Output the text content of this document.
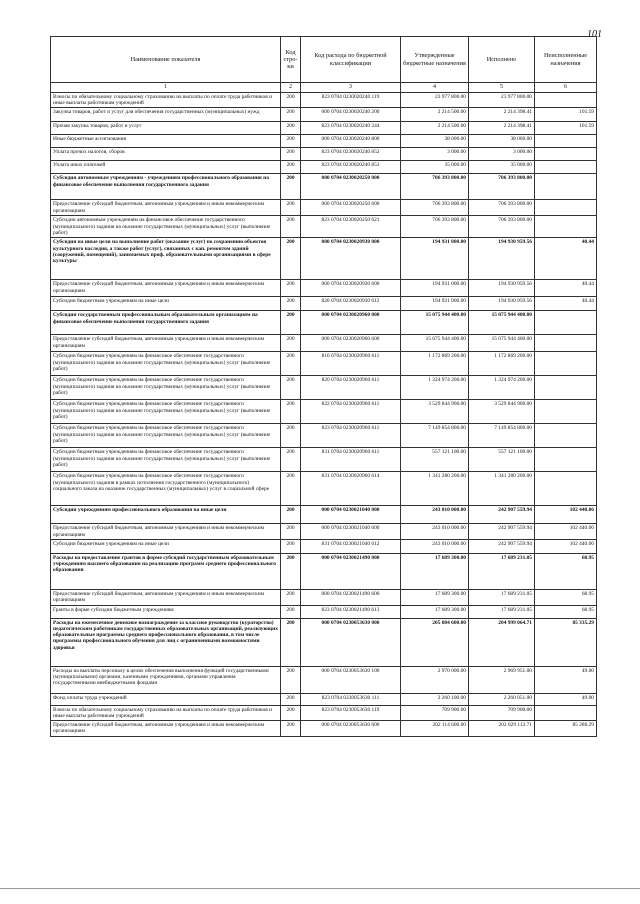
101
Наименование показателя	Код стро- ки	Код расхода по бюджетной классификации	Утвержденные бюджетные назначения	Исполнено	Неисполненные назначения
1	2	3	4	5	6
Взносы по обязательному социальному страхованию на выплаты по оплате труда работников и иные выплаты работникам учреждений	200	823 0704 0230020240 119	23 977 800.00	23 977 800.00	
Закупка товаров, работ и услуг для обеспечения государственных (муниципальных) нужд	200	000 0704 0230020240 200	2 214 500.00	2 214 398.41	101.59
Прочая закупка товаров, работ и услуг	200	823 0704 0230020240 244	2 214 500.00	2 214 398.41	101.59
Иные бюджетные ассигнования	200	000 0704 0230020240 800	38 000.00	38 000.00	
Уплата прочих налогов, сборов	200	823 0704 0230020240 852	3 000.00	3 000.00	
Уплата иных платежей	200	823 0704 0230020240 853	35 000.00	35 000.00	
Субсидия автономным учреждениям - учреждениям профессионального образования на финансовое обеспечение выполнения государственного задания	200	000 0704 0230020250 000	706 393 800.00	706 393 800.00	
Предоставление субсидий бюджетным, автономным учреждениям и иным некоммерческим организациям	200	000 0704 0230020250 600	706 393 800.00	706 393 800.00	
Субсидии автономным учреждениям на финансовое обеспечение государственного (муниципального) задания на оказание государственных (муниципальных) услуг (выполнение работ)	200	823 0704 0230020250 621	706 393 800.00	706 393 800.00	
Субсидия на иные цели на выполнение работ (оказание услуг) по сохранению объектов культурного наследия, а также работ (услуг), связанных с кап. ремонтом зданий (сооружений, помещений), занимаемых проф. образовательными организациями в сфере культуры	200	000 0704 0230020930 000	194 931 000.00	194 930 959.56	40.44
Предоставление субсидий бюджетным, автономным учреждениям и иным некоммерческим организациям	200	000 0704 0230020930 600	194 931 000.00	194 930 959.56	40.44
Субсидии бюджетным учреждениям на иные цели	200	820 0704 0230020930 612	194 931 000.00	194 930 959.56	40.44
Субсидии государственным профессиональным образовательным организациям на финансовое обеспечение выполнения государственного задания	200	000 0704 0230020960 000	15 075 944 400.00	15 075 944 400.00	
Предоставление субсидий бюджетным, автономным учреждениям и иным некоммерческим организациям	200	000 0704 0230020960 600	15 075 944 400.00	15 075 944 400.00	
Субсидии бюджетным учреждениям на финансовое обеспечение государственного (муниципального) задания на оказание государственных (муниципальных) услуг (выполнение работ)	200	816 0704 0230020960 611	1 172 869 200.00	1 172 869 200.00	
Субсидии бюджетным учреждениям на финансовое обеспечение государственного (муниципального) задания на оказание государственных (муниципальных) услуг (выполнение работ)	200	820 0704 0230020960 611	1 324 974 200.00	1 324 974 200.00	
Субсидии бюджетным учреждениям на финансовое обеспечение государственного (муниципального) задания на оказание государственных (муниципальных) услуг (выполнение работ)	200	822 0704 0230020960 611	3 529 844 900.00	3 529 844 900.00	
Субсидии бюджетным учреждениям на финансовое обеспечение государственного (муниципального) задания на оказание государственных (муниципальных) услуг (выполнение работ)	200	823 0704 0230020960 611	7 149 854 800.00	7 149 854 800.00	
Субсидии бюджетным учреждениям на финансовое обеспечение государственного (муниципального) задания на оказание государственных (муниципальных) услуг (выполнение работ)	200	831 0704 0230020960 611	557 121 100.00	557 121 100.00	
Субсидии бюджетным учреждениям на финансовое обеспечение государственного (муниципального) задания в рамках исполнения государственного (муниципального) социального заказа на оказание государственных (муниципальных) услуг в социальной сфере	200	831 0704 0230020960 614	1 341 280 200.00	1 341 280 200.00	
Субсидии учреждениям профессионального образования на иные цели	200	000 0704 0230021040 000	243 010 000.00	242 907 559.94	102 440.06
Предоставление субсидий бюджетным, автономным учреждениям и иным некоммерческим организациям	200	000 0704 0230021040 600	243 010 000.00	242 907 559.94	102 440.06
Субсидии бюджетным учреждениям на иные цели	200	831 0704 0230021040 612	243 010 000.00	242 907 559.94	102 440.06
Расходы на предоставление грантов в форме субсидий государственным образовательным учреждениям высшего образования на реализацию программ среднего профессионального образования	200	000 0704 0230021490 000	17 689 300.00	17 689 231.05	68.95
Предоставление субсидий бюджетным, автономным учреждениям и иным некоммерческим организациям	200	000 0704 0230021490 600	17 689 300.00	17 689 231.05	68.95
Гранты в форме субсидии бюджетным учреждениям	200	823 0704 0230021490 613	17 689 300.00	17 689 231.05	68.95
Расходы на ежемесячное денежное вознаграждение за классное руководство (кураторство) педагогическим работникам государственных образовательных организаций, реализующих образовательные программы среднего профессионального образования, в том числе программы профессионального обучения для лиц с ограниченными возможностями здоровья	200	000 0704 0230053630 000	205 084 600.00	204 999 064.71	85 335.29
Расходы на выплаты персоналу в целях обеспечения выполнения функций государственными (муниципальными) органами, казенными учреждениями, органами управления государственными внебюджетными фондами	200	000 0704 0230053630 100	2 970 000.00	2 969 951.00	49.00
Фонд оплаты труда учреждений	200	823 0704 0230053630 111	2 260 100.00	2 260 051.00	49.00
Взносы по обязательному социальному страхованию на выплаты по оплате труда работников и иные выплаты работникам учреждений	200	823 0704 0230053630 119	709 900.00	709 900.00	
Предоставление субсидий бюджетным, автономным учреждениям и иным некоммерческим организациям	200	000 0704 0230053630 600	202 114 600.00	202 029 113.71	85 286.29
